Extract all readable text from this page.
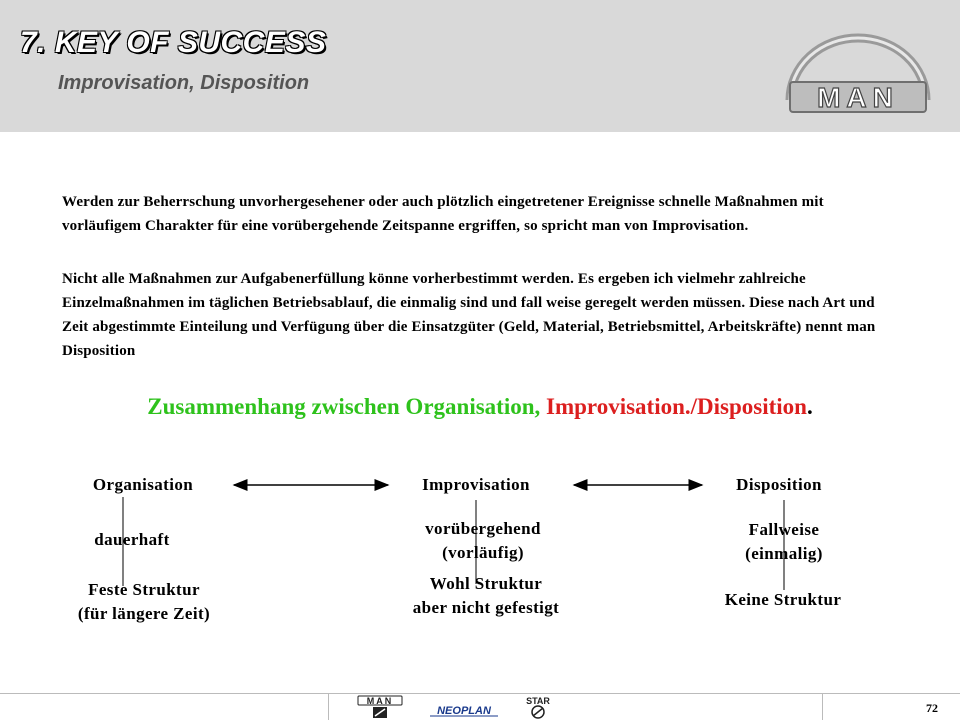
7. KEY OF SUCCESS
Improvisation, Disposition	MAN
Werden zur Beherrschung unvorhergesehener oder auch plötzlich eingetretener Ereignisse schnelle Maßnahmen mit vorläufigem Charakter für eine vorübergehende Zeitspanne ergriffen, so spricht man von Improvisation.
Nicht alle Maßnahmen zur Aufgabenerfüllung könne vorherbestimmt werden. Es ergeben ich vielmehr zahlreiche Einzelmaßnahmen im täglichen Betriebsablauf, die einmalig sind und fall weise geregelt werden müssen. Diese nach Art und Zeit abgestimmte Einteilung und Verfügung über die Einsatzgüter (Geld, Material, Betriebsmittel, Arbeitskräfte) nennt man Disposition
Zusammenhang zwischen Organisation, Improvisation./Disposition.
Organisation
dauerhaft
Feste Struktur
(für längere Zeit)
Improvisation
vorübergehend
(vorläufig)
Wohl Struktur
aber nicht gefestigt
Disposition
Fallweise
(einmalig)
Keine Struktur
MAN
NEOPLAN
STAR	72
